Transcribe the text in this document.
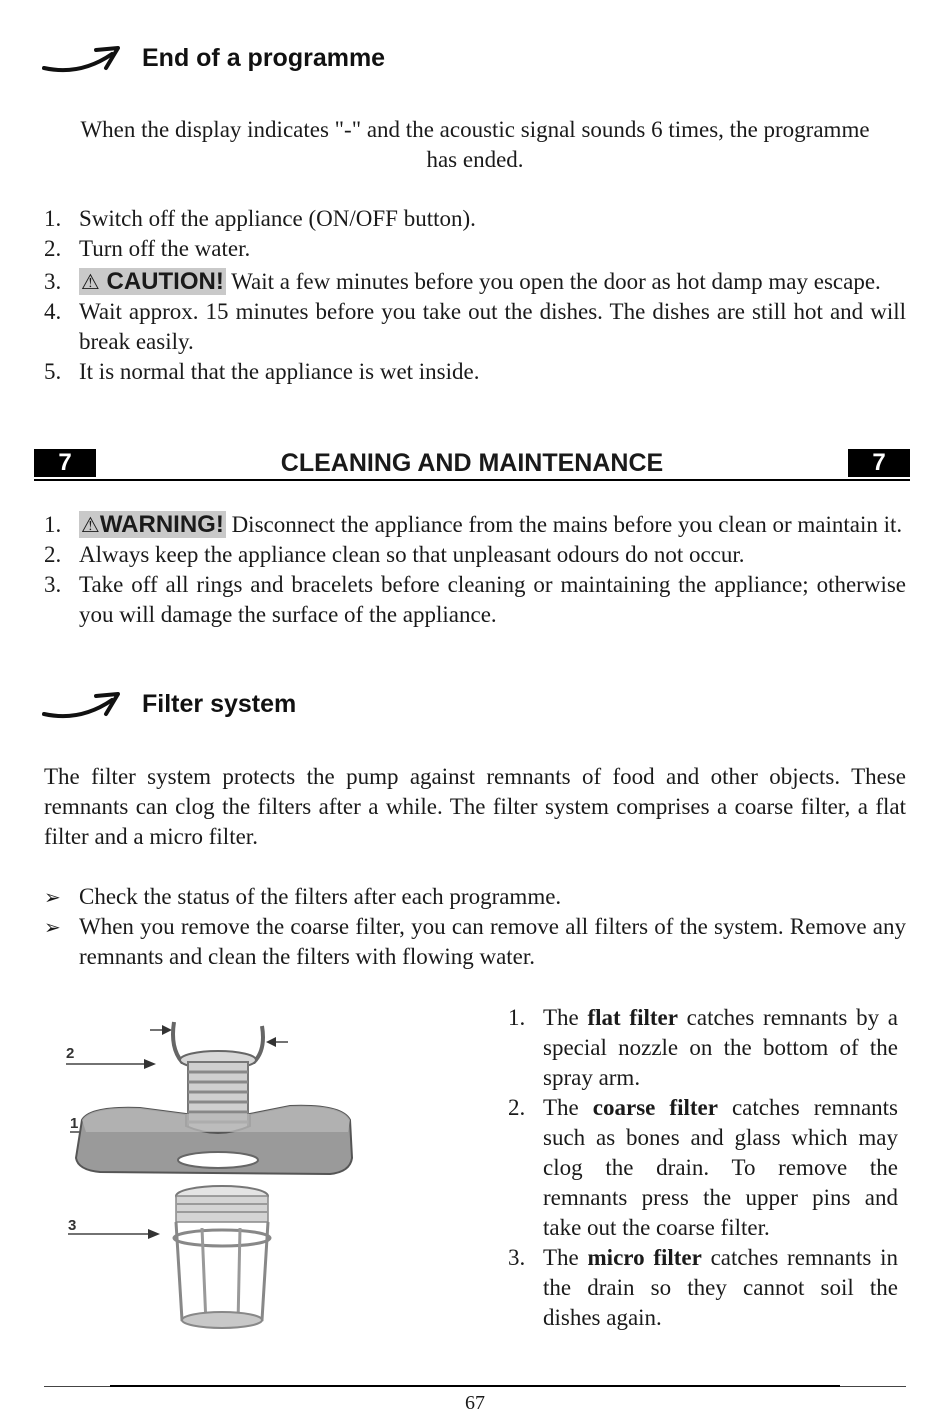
End of a programme
When the display indicates "-" and the acoustic signal sounds 6 times, the programme has ended.
1. Switch off the appliance (ON/OFF button).
2. Turn off the water.
3. ⚠ CAUTION! Wait a few minutes before you open the door as hot damp may escape.
4. Wait approx. 15 minutes before you take out the dishes. The dishes are still hot and will break easily.
5. It is normal that the appliance is wet inside.
CLEANING AND MAINTENANCE
7	7
1. ⚠WARNING! Disconnect the appliance from the mains before you clean or maintain it.
2. Always keep the appliance clean so that unpleasant odours do not occur.
3. Take off all rings and bracelets before cleaning or maintaining the appliance; otherwise you will damage the surface of the appliance.
Filter system
The filter system protects the pump against remnants of food and other objects. These remnants can clog the filters after a while. The filter system comprises a coarse filter, a flat filter and a micro filter.
➢ Check the status of the filters after each programme.
➢ When you remove the coarse filter, you can remove all filters of the system. Remove any remnants and clean the filters with flowing water.
2
1
3
1. The flat filter catches remnants by a special nozzle on the bottom of the spray arm.
2. The coarse filter catches remnants such as bones and glass which may clog the drain. To remove the remnants press the upper pins and take out the coarse filter.
3. The micro filter catches remnants in the drain so they cannot soil the dishes again.
67
